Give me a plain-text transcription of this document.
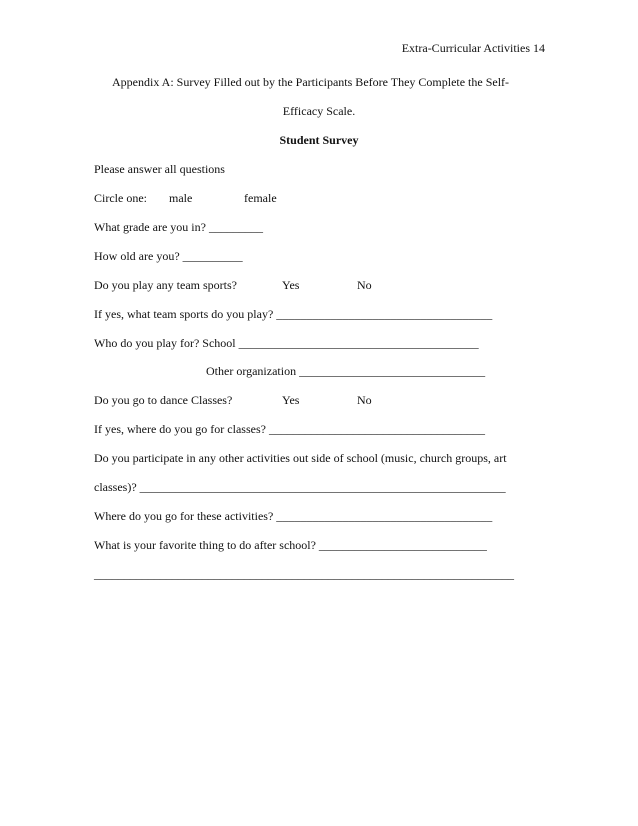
Extra-Curricular Activities 14
Appendix A: Survey Filled out by the Participants Before They Complete the Self-
Efficacy Scale.
Student Survey
Please answer all questions

Circle one:

male

	female

What grade are you in? _________
How old are you? __________

Do you play any team sports?

	Yes

	No

If yes, what team sports do you play? ____________________________________
Who do you play for? School ________________________________________
Other organization _______________________________

Do you go to dance Classes?

	Yes

	No

If yes, where do you go for classes? ____________________________________
Do you participate in any other activities out side of school (music, church groups, art
classes)? _____________________________________________________________
Where do you go for these activities? ____________________________________
What is your favorite thing to do after school? ____________________________
______________________________________________________________________
